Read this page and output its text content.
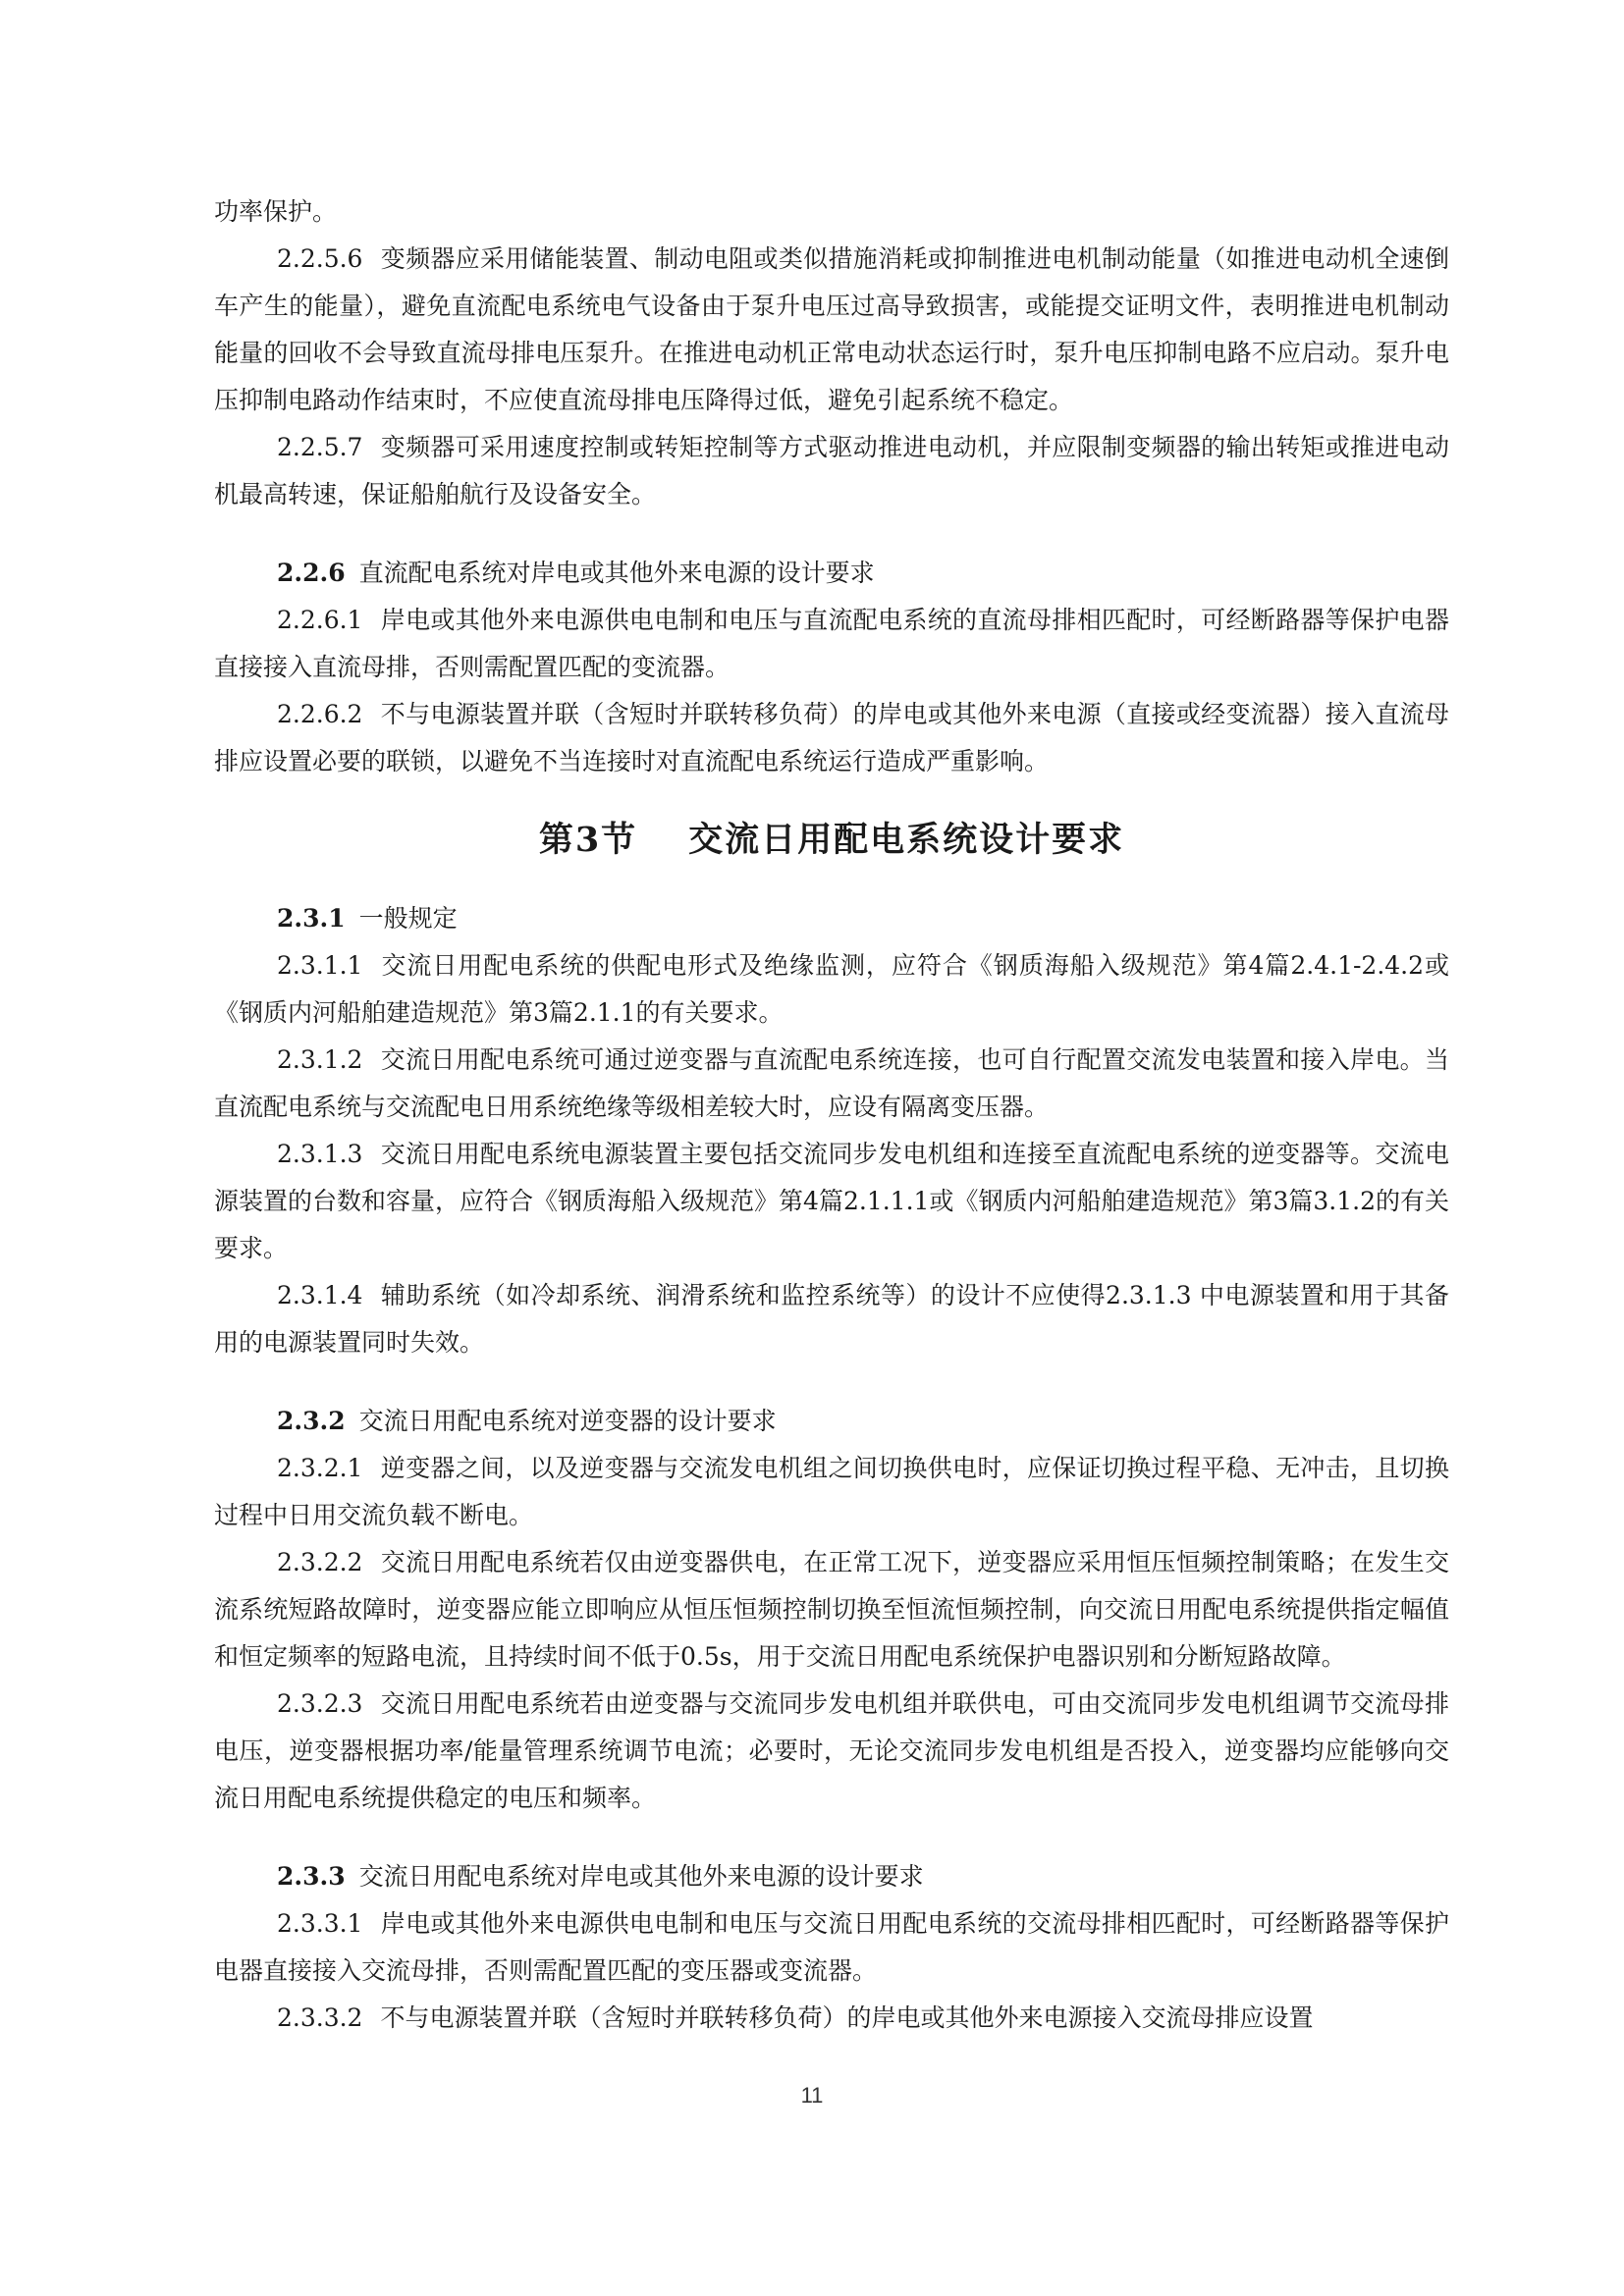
功率保护。

2.2.5.6 变频器应采用储能装置、制动电阻或类似措施消耗或抑制推进电机制动能量（如推进电动机全速倒车产生的能量），避免直流配电系统电气设备由于泵升电压过高导致损害，或能提交证明文件，表明推进电机制动能量的回收不会导致直流母排电压泵升。在推进电动机正常电动状态运行时，泵升电压抑制电路不应启动。泵升电压抑制电路动作结束时，不应使直流母排电压降得过低，避免引起系统不稳定。

2.2.5.7 变频器可采用速度控制或转矩控制等方式驱动推进电动机，并应限制变频器的输出转矩或推进电动机最高转速，保证船舶航行及设备安全。

2.2.6 直流配电系统对岸电或其他外来电源的设计要求

2.2.6.1 岸电或其他外来电源供电电制和电压与直流配电系统的直流母排相匹配时，可经断路器等保护电器直接接入直流母排，否则需配置匹配的变流器。

2.2.6.2 不与电源装置并联（含短时并联转移负荷）的岸电或其他外来电源（直接或经变流器）接入直流母排应设置必要的联锁，以避免不当连接时对直流配电系统运行造成严重影响。

第3节 交流日用配电系统设计要求

2.3.1 一般规定

2.3.1.1 交流日用配电系统的供配电形式及绝缘监测，应符合《钢质海船入级规范》第4篇2.4.1-2.4.2或《钢质内河船舶建造规范》第3篇2.1.1的有关要求。

2.3.1.2 交流日用配电系统可通过逆变器与直流配电系统连接，也可自行配置交流发电装置和接入岸电。当直流配电系统与交流配电日用系统绝缘等级相差较大时，应设有隔离变压器。

2.3.1.3 交流日用配电系统电源装置主要包括交流同步发电机组和连接至直流配电系统的逆变器等。交流电源装置的台数和容量，应符合《钢质海船入级规范》第4篇2.1.1.1或《钢质内河船舶建造规范》第3篇3.1.2的有关要求。

2.3.1.4 辅助系统（如冷却系统、润滑系统和监控系统等）的设计不应使得2.3.1.3 中电源装置和用于其备用的电源装置同时失效。

2.3.2 交流日用配电系统对逆变器的设计要求

2.3.2.1 逆变器之间，以及逆变器与交流发电机组之间切换供电时，应保证切换过程平稳、无冲击，且切换过程中日用交流负载不断电。

2.3.2.2 交流日用配电系统若仅由逆变器供电，在正常工况下，逆变器应采用恒压恒频控制策略；在发生交流系统短路故障时，逆变器应能立即响应从恒压恒频控制切换至恒流恒频控制，向交流日用配电系统提供指定幅值和恒定频率的短路电流，且持续时间不低于0.5s，用于交流日用配电系统保护电器识别和分断短路故障。

2.3.2.3 交流日用配电系统若由逆变器与交流同步发电机组并联供电，可由交流同步发电机组调节交流母排电压，逆变器根据功率/能量管理系统调节电流；必要时，无论交流同步发电机组是否投入，逆变器均应能够向交流日用配电系统提供稳定的电压和频率。

2.3.3 交流日用配电系统对岸电或其他外来电源的设计要求

2.3.3.1 岸电或其他外来电源供电电制和电压与交流日用配电系统的交流母排相匹配时，可经断路器等保护电器直接接入交流母排，否则需配置匹配的变压器或变流器。

2.3.3.2 不与电源装置并联（含短时并联转移负荷）的岸电或其他外来电源接入交流母排应设置

11
